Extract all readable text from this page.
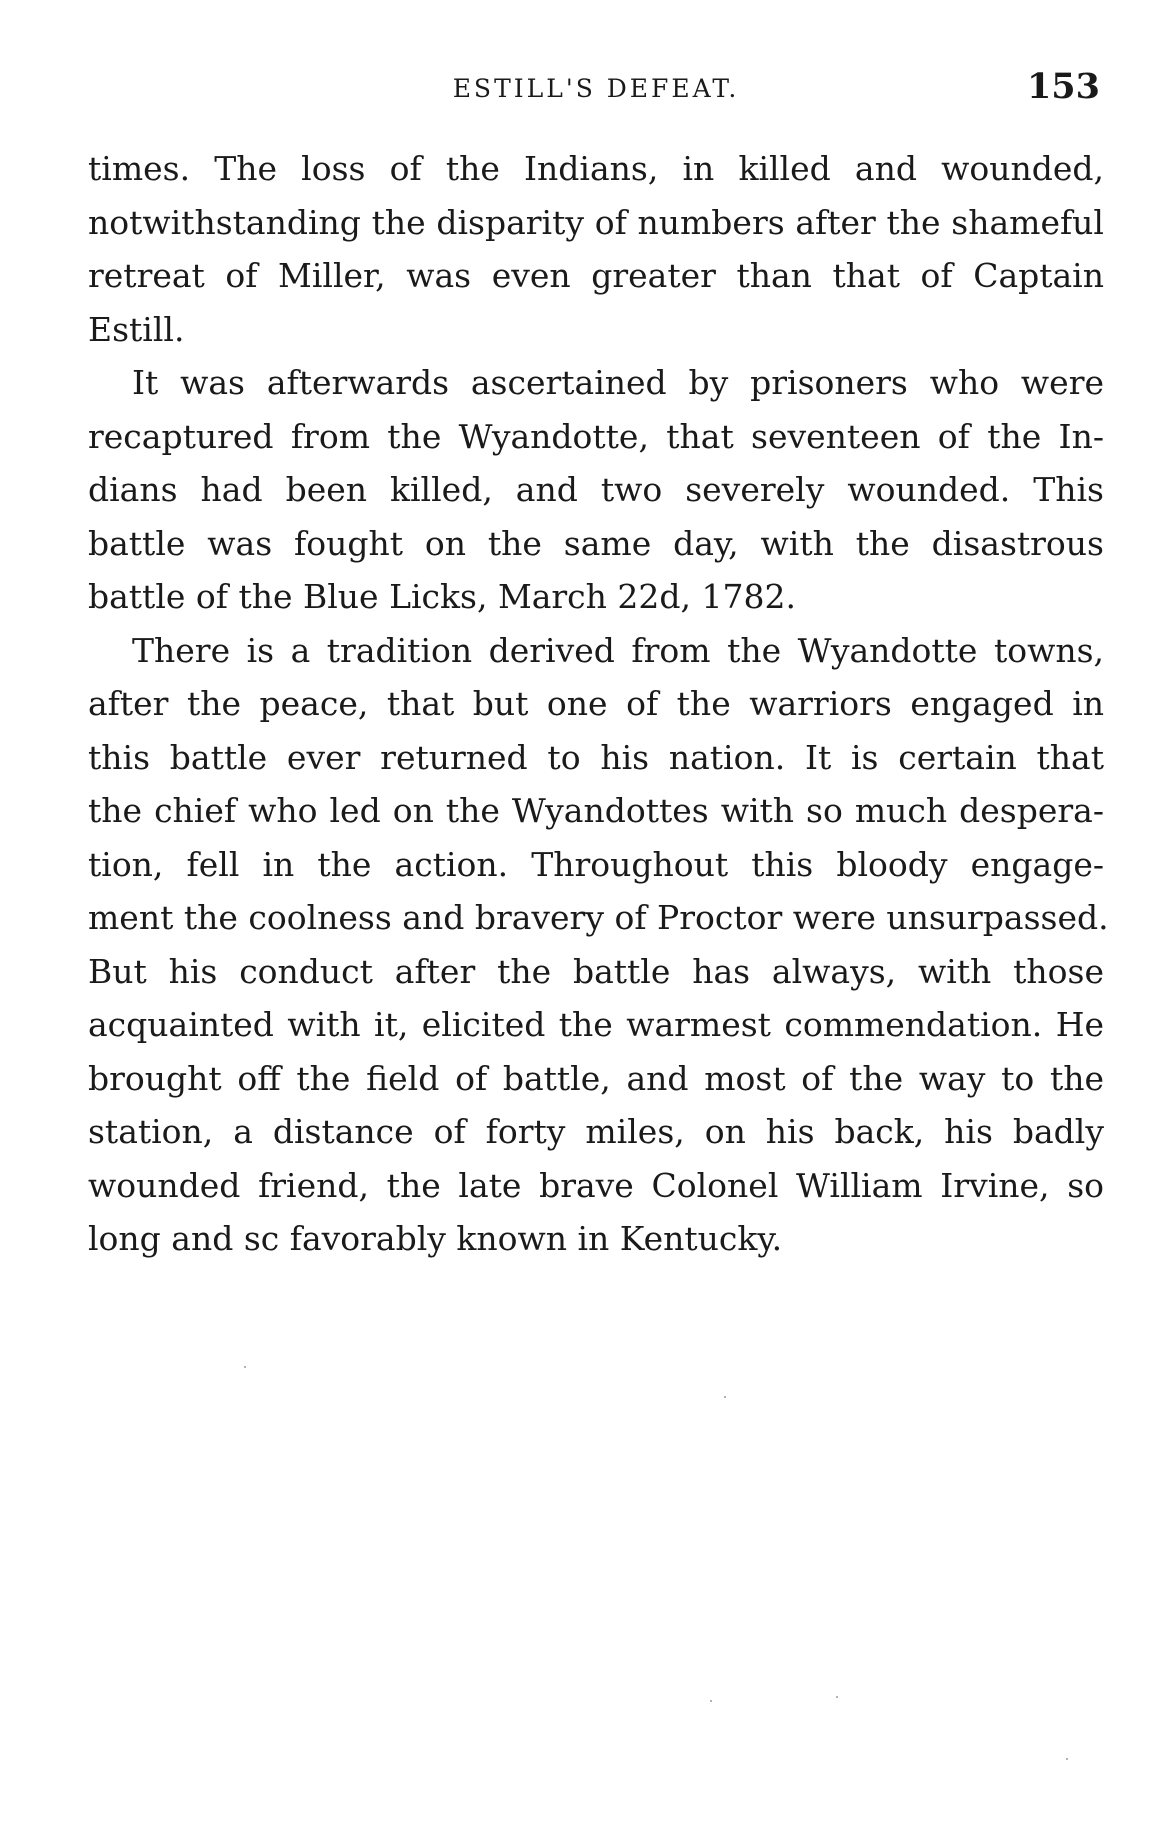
ESTILL'S DEFEAT.	153

times. The loss of the Indians, in killed and wounded,
notwithstanding the disparity of numbers after the shameful
retreat of Miller, was even greater than that of Captain
Estill.

It was afterwards ascertained by prisoners who were
recaptured from the Wyandotte, that seventeen of the In-
dians had been killed, and two severely wounded. This
battle was fought on the same day, with the disastrous
battle of the Blue Licks, March 22d, 1782.

There is a tradition derived from the Wyandotte towns,
after the peace, that but one of the warriors engaged in
this battle ever returned to his nation. It is certain that
the chief who led on the Wyandottes with so much despera-
tion, fell in the action. Throughout this bloody engage-
ment the coolness and bravery of Proctor were unsurpassed.
But his conduct after the battle has always, with those
acquainted with it, elicited the warmest commendation. He
brought off the field of battle, and most of the way to the
station, a distance of forty miles, on his back, his badly
wounded friend, the late brave Colonel William Irvine, so
long and sc favorably known in Kentucky.
